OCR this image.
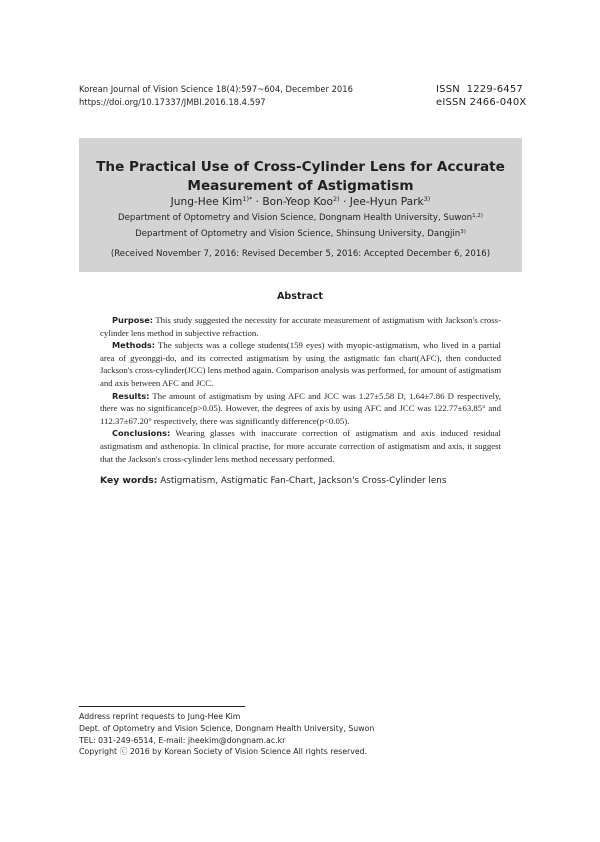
Korean Journal of Vision Science 18(4):597~604, December 2016
https://doi.org/10.17337/JMBI.2016.18.4.597
ISSN  1229-6457
eISSN 2466-040X
The Practical Use of Cross-Cylinder Lens for Accurate
Measurement of Astigmatism
Jung-Hee Kim$^{1)*}$ · Bon-Yeop Koo$^{2)}$ · Jee-Hyun Park$^{3)}$
Department of Optometry and Vision Science, Dongnam Health University, Suwon$^{1,2)}$
Department of Optometry and Vision Science, Shinsung University, Dangjin$^{3)}$
(Received November 7, 2016: Revised December 5, 2016: Accepted December 6, 2016)
Abstract

Purpose: This study suggested the necessity for accurate measurement of astigmatism with Jackson's cross-cylinder lens method in subjective refraction.

Methods: The subjects was a college students(159 eyes) with myopic-astigmatism, who lived in a partial area of gyeonggi-do, and its corrected astigmatism by using the astigmatic fan chart(AFC), then conducted Jackson's cross-cylinder(JCC) lens method again. Comparison analysis was performed, for amount of astigmatism and axis between AFC and JCC.

Results: The amount of astigmatism by using AFC and JCC was 1.27±5.58 D, 1.64±7.86 D respectively, there was no significance(p>0.05). However, the degrees of axis by using AFC and JCC was 122.77±63.85° and 112.37±67.20° respectively, there was significantly difference(p<0.05).

Conclusions: Wearing glasses with inaccurate correction of astigmatism and axis induced residual astigmatism and asthenopia. In clinical practise, for more accurate correction of astigmatism and axis, it suggest that the Jackson's cross-cylinder lens method necessary performed.

Key words: Astigmatism, Astigmatic Fan-Chart, Jackson's Cross-Cylinder lens
Address reprint requests to Jung-Hee Kim
Dept. of Optometry and Vision Science, Dongnam Health University, Suwon
TEL: 031-249-6514, E-mail: jheekim@dongnam.ac.kr
Copyright ⓒ 2016 by Korean Society of Vision Science All rights reserved.
